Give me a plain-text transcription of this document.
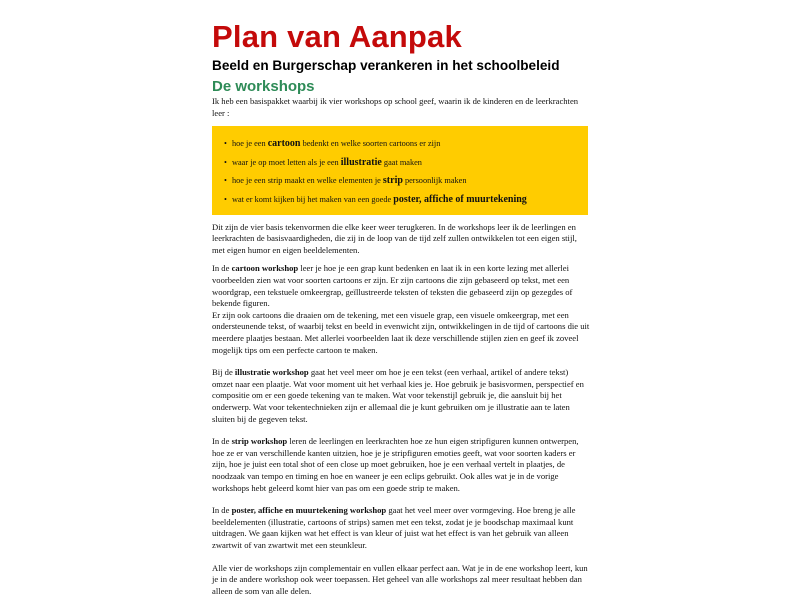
Plan van Aanpak
Beeld en Burgerschap verankeren in het schoolbeleid
De workshops

Ik heb een basispakket waarbij ik vier workshops op school geef, waarin ik de kinderen en de leerkrachten leer :

• hoe je een cartoon bedenkt en welke soorten cartoons er zijn
• waar je op moet letten als je een illustratie gaat maken
• hoe je een strip maakt en welke elementen je strip persoonlijk maken
• wat er komt kijken bij het maken van een goede poster, affiche of muurtekening

Dit zijn de vier basis tekenvormen die elke keer weer terugkeren. In de workshops leer ik de leerlingen en leerkrachten de basisvaardigheden, die zij in de loop van de tijd zelf zullen ontwikkelen tot een eigen stijl, met eigen humor en eigen beeldelementen.

In de cartoon workshop leer je hoe je een grap kunt bedenken en laat ik in een korte lezing met allerlei voorbeelden zien wat voor soorten cartoons er zijn. Er zijn cartoons die zijn gebaseerd op tekst, met een woordgrap, een tekstuele omkeergrap, geïllustreerde teksten of teksten die gebaseerd zijn op gezegdes of bekende figuren.

Er zijn ook cartoons die draaien om de tekening, met een visuele grap, een visuele omkeergrap, met een ondersteunende tekst, of waarbij tekst en beeld in evenwicht zijn, ontwikkelingen in de tijd of cartoons die uit meerdere plaatjes bestaan. Met allerlei voorbeelden laat ik deze verschillende stijlen zien en geef ik zoveel mogelijk tips om een perfecte cartoon te maken.

Bij de illustratie workshop gaat het veel meer om hoe je een tekst (een verhaal, artikel of andere tekst) omzet naar een plaatje. Wat voor moment uit het verhaal kies je. Hoe gebruik je basisvormen, perspectief en compositie om er een goede tekening van te maken. Wat voor tekenstijl gebruik je, die aansluit bij het onderwerp. Wat voor tekentechnieken zijn er allemaal die je kunt gebruiken om je illustratie aan te laten sluiten bij de gegeven tekst.

In de strip workshop leren de leerlingen en leerkrachten hoe ze hun eigen stripfiguren kunnen ontwerpen, hoe ze er van verschillende kanten uitzien, hoe je je stripfiguren emoties geeft, wat voor soorten kaders er zijn, hoe je juist een total shot of een close up moet gebruiken, hoe je een verhaal vertelt in plaatjes, de noodzaak van tempo en timing en hoe en waneer je een eclips gebruikt. Ook alles wat je in de vorige workshops hebt geleerd komt hier van pas om een goede strip te maken.

In de poster, affiche en muurtekening workshop gaat het veel meer over vormgeving. Hoe breng je alle beeldelementen (illustratie, cartoons of strips) samen met een tekst, zodat je je boodschap maximaal kunt uitdragen. We gaan kijken wat het effect is van kleur of juist wat het effect is van het gebruik van alleen zwartwit of van zwartwit met een steunkleur.

Alle vier de workshops zijn complementair en vullen elkaar perfect aan. Wat je in de ene workshop leert, kun je in de andere workshop ook weer toepassen. Het geheel van alle workshops zal meer resultaat hebben dan alleen de som van alle delen.
